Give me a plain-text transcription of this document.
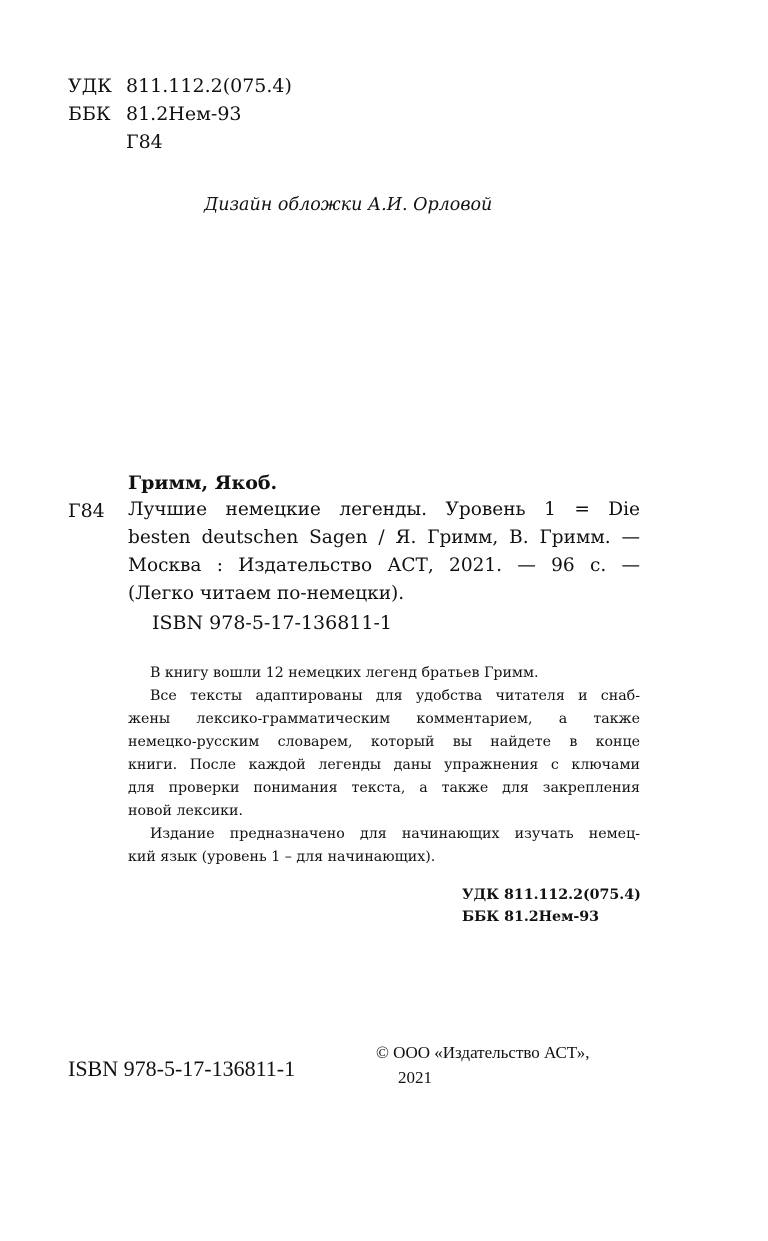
УДК 811.112.2(075.4)
ББК 81.2Нем-93
Г84
Дизайн обложки А.И. Орловой
Гримм, Якоб.
Г84 Лучшие немецкие легенды. Уровень 1 = Die
besten deutschen Sagen / Я. Гримм, В. Гримм. —
Москва : Издательство АСТ, 2021. — 96 с. —
(Легко читаем по-немецки).
ISBN 978-5-17-136811-1
В книгу вошли 12 немецких легенд братьев Гримм.
Все тексты адаптированы для удобства читателя и снаб-
жены лексико-грамматическим комментарием, а также
немецко-русским словарем, который вы найдете в конце
книги. После каждой легенды даны упражнения с ключами
для проверки понимания текста, а также для закрепления
новой лексики.
Издание предназначено для начинающих изучать немец-
кий язык (уровень 1 – для начинающих).
УДК 811.112.2(075.4)
ББК 81.2Нем-93
ISBN 978-5-17-136811-1
© ООО «Издательство АСТ»,
2021
